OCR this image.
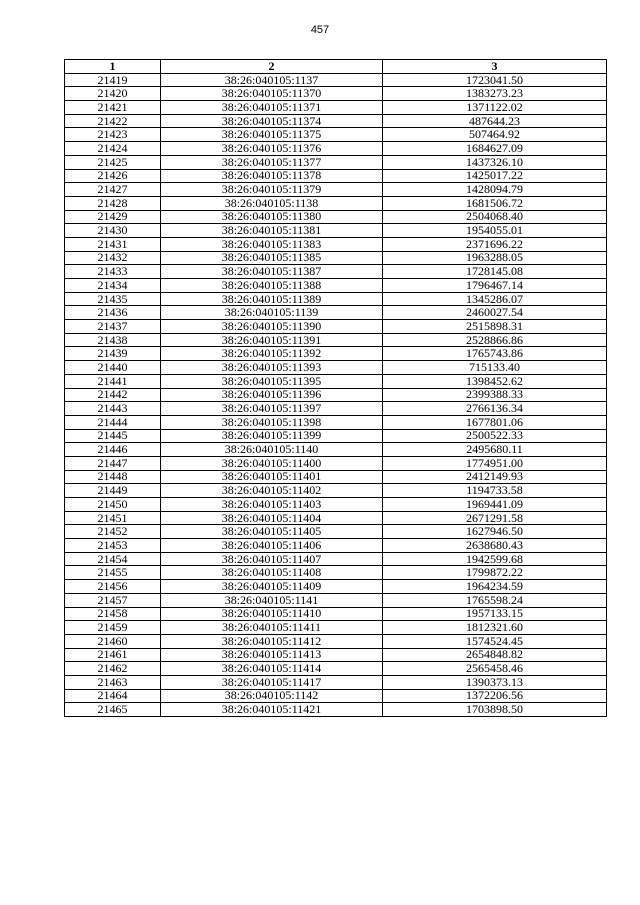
457
1	2	3
21419	38:26:040105:1137	1723041.50
21420	38:26:040105:11370	1383273.23
21421	38:26:040105:11371	1371122.02
21422	38:26:040105:11374	487644.23
21423	38:26:040105:11375	507464.92
21424	38:26:040105:11376	1684627.09
21425	38:26:040105:11377	1437326.10
21426	38:26:040105:11378	1425017.22
21427	38:26:040105:11379	1428094.79
21428	38:26:040105:1138	1681506.72
21429	38:26:040105:11380	2504068.40
21430	38:26:040105:11381	1954055.01
21431	38:26:040105:11383	2371696.22
21432	38:26:040105:11385	1963288.05
21433	38:26:040105:11387	1728145.08
21434	38:26:040105:11388	1796467.14
21435	38:26:040105:11389	1345286.07
21436	38:26:040105:1139	2460027.54
21437	38:26:040105:11390	2515898.31
21438	38:26:040105:11391	2528866.86
21439	38:26:040105:11392	1765743.86
21440	38:26:040105:11393	715133.40
21441	38:26:040105:11395	1398452.62
21442	38:26:040105:11396	2399388.33
21443	38:26:040105:11397	2766136.34
21444	38:26:040105:11398	1677801.06
21445	38:26:040105:11399	2500522.33
21446	38:26:040105:1140	2495680.11
21447	38:26:040105:11400	1774951.00
21448	38:26:040105:11401	2412149.93
21449	38:26:040105:11402	1194733.58
21450	38:26:040105:11403	1969441.09
21451	38:26:040105:11404	2671291.58
21452	38:26:040105:11405	1627946.50
21453	38:26:040105:11406	2638680.43
21454	38:26:040105:11407	1942599.68
21455	38:26:040105:11408	1799872.22
21456	38:26:040105:11409	1964234.59
21457	38:26:040105:1141	1765598.24
21458	38:26:040105:11410	1957133.15
21459	38:26:040105:11411	1812321.60
21460	38:26:040105:11412	1574524.45
21461	38:26:040105:11413	2654848.82
21462	38:26:040105:11414	2565458.46
21463	38:26:040105:11417	1390373.13
21464	38:26:040105:1142	1372206.56
21465	38:26:040105:11421	1703898.50
